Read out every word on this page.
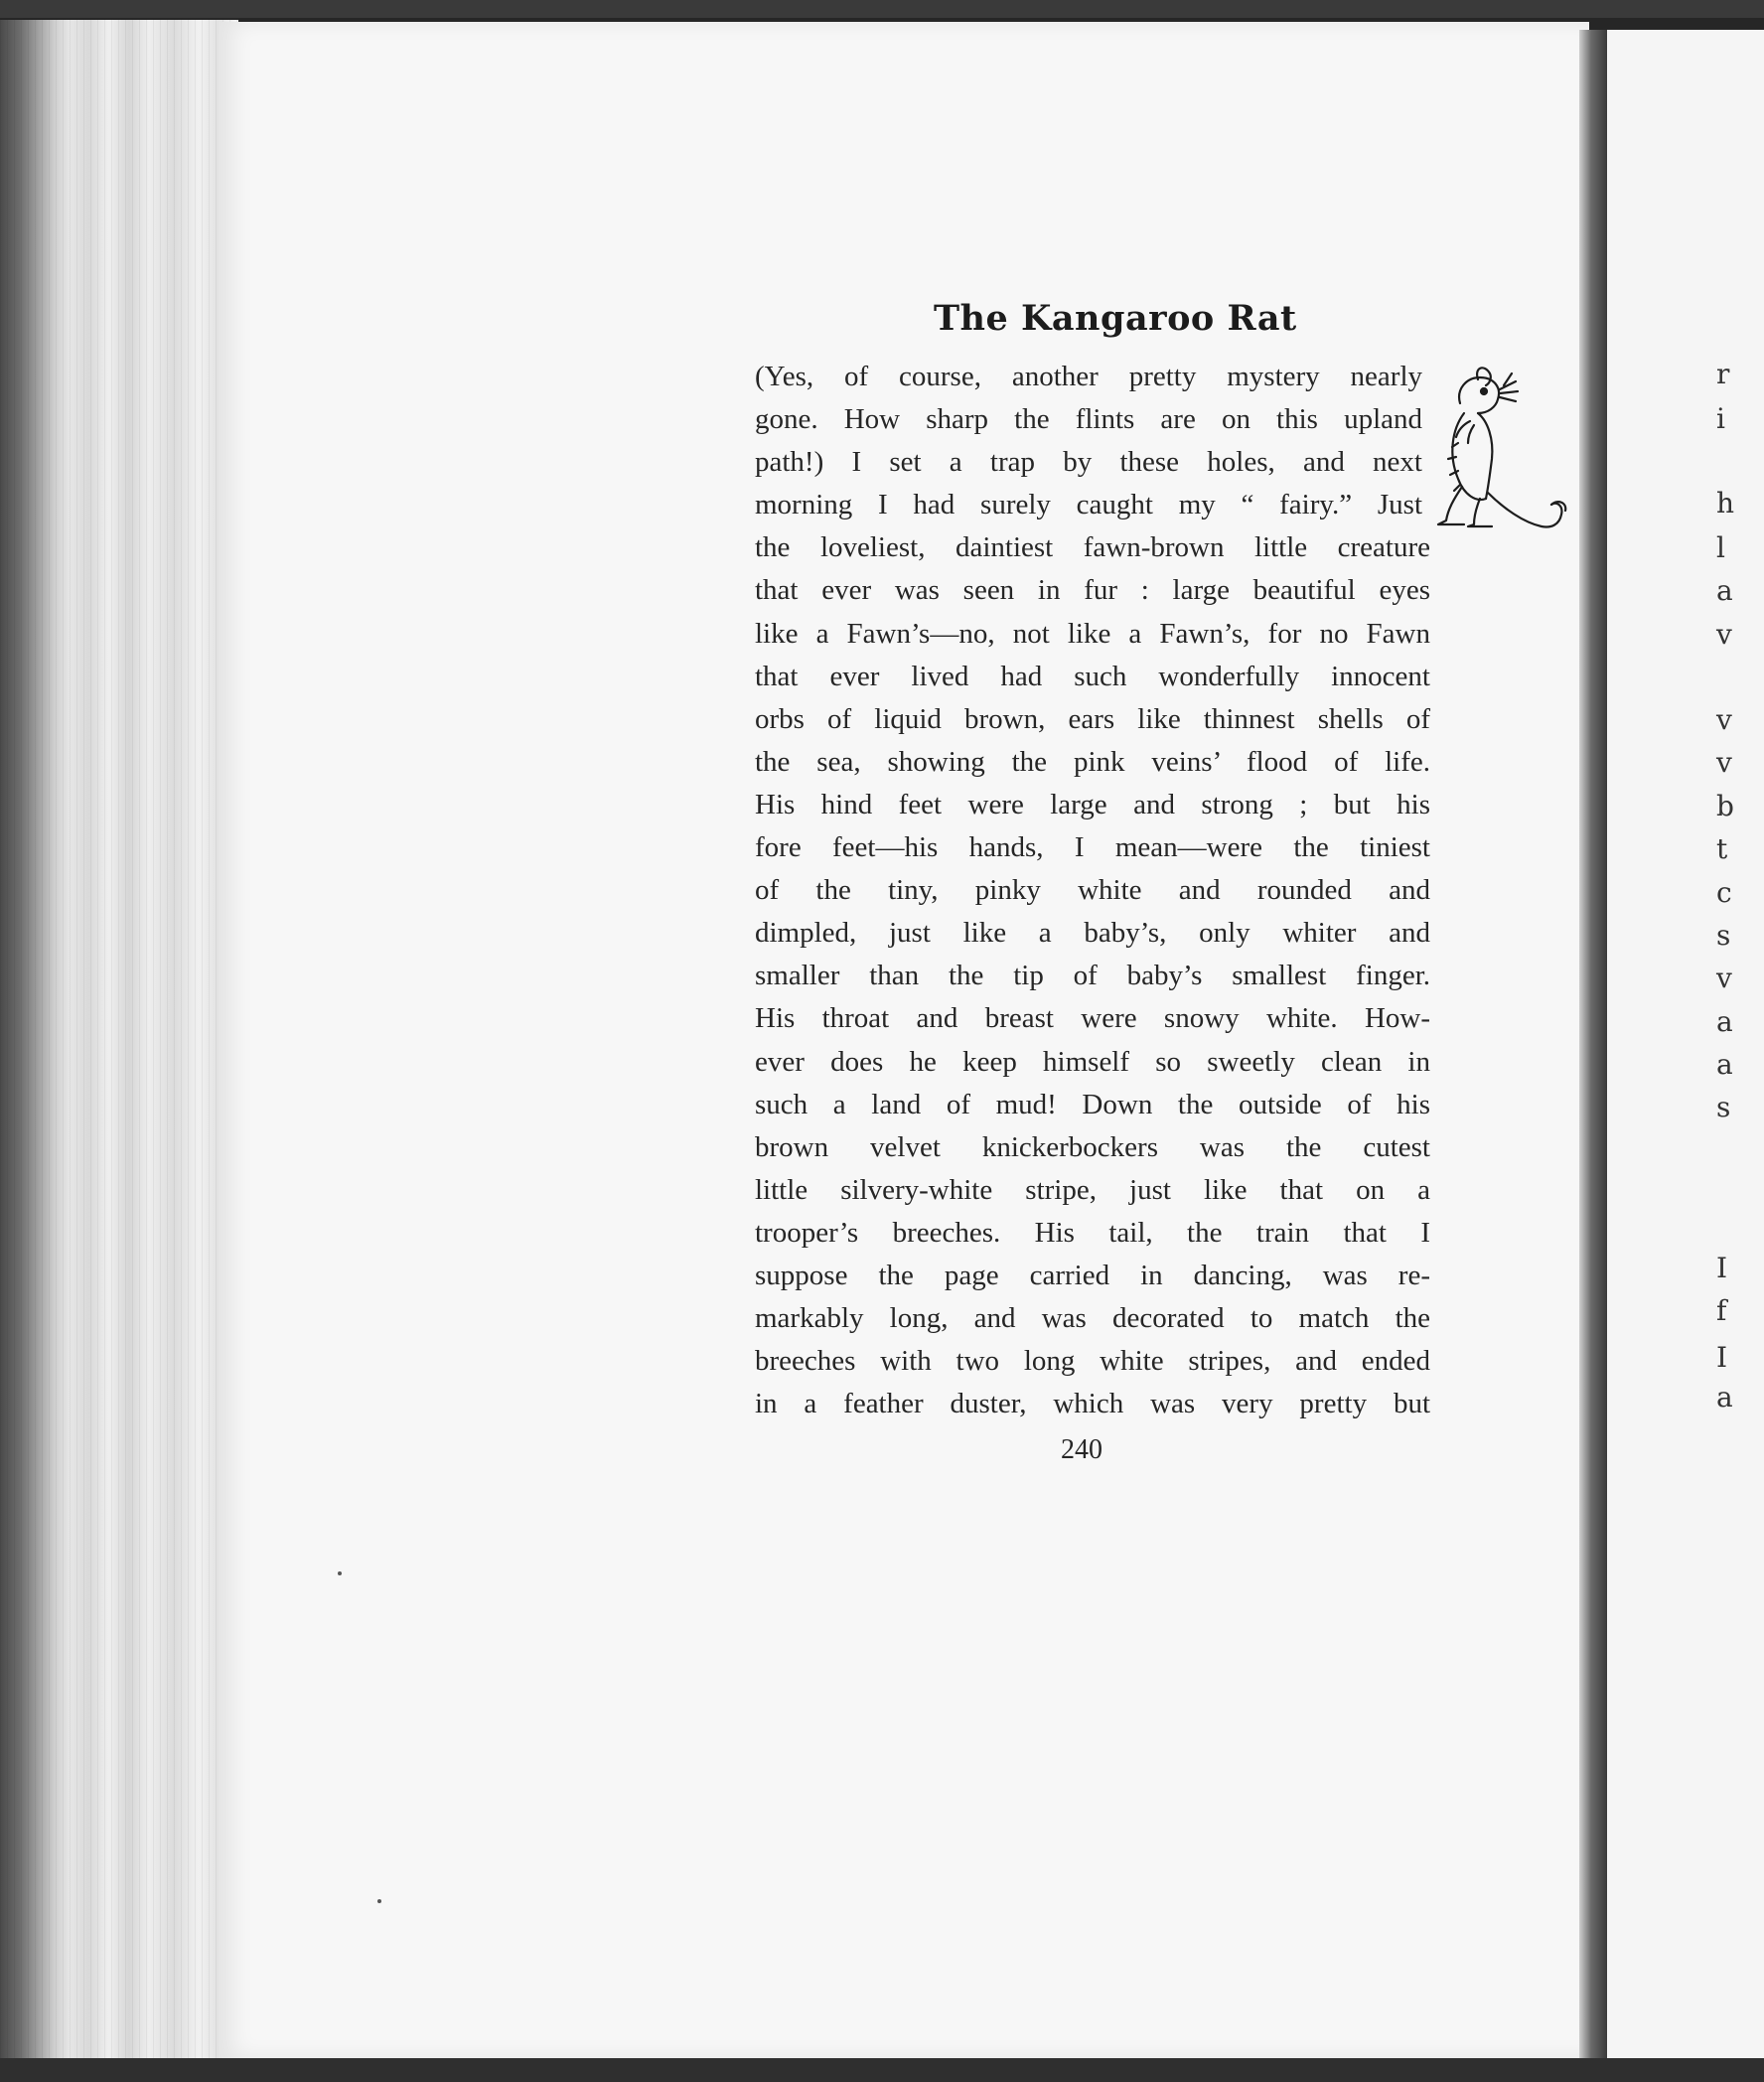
The Kangaroo Rat
(Yes, of course, another pretty mystery nearly
gone. How sharp the flints are on this upland
path!) I set a trap by these holes, and next
morning I had surely caught my “ fairy.” Just
the loveliest, daintiest fawn-brown little creature
that ever was seen in fur : large beautiful eyes
like a Fawn’s—no, not like a Fawn’s, for no Fawn
that ever lived had such wonderfully innocent
orbs of liquid brown, ears like thinnest shells of
the sea, showing the pink veins’ flood of life.
His hind feet were large and strong ; but his
fore feet—his hands, I mean—were the tiniest
of the tiny, pinky white and rounded and
dimpled, just like a baby’s, only whiter and
smaller than the tip of baby’s smallest finger.
His throat and breast were snowy white. How-
ever does he keep himself so sweetly clean in
such a land of mud! Down the outside of his
brown velvet knickerbockers was the cutest
little silvery-white stripe, just like that on a
trooper’s breeches. His tail, the train that I
suppose the page carried in dancing, was re-
markably long, and was decorated to match the
breeches with two long white stripes, and ended
in a feather duster, which was very pretty but
240
r
i
h
l
a
v
v
v
b
t
c
s
v
a
a
s
I
f
I
a
